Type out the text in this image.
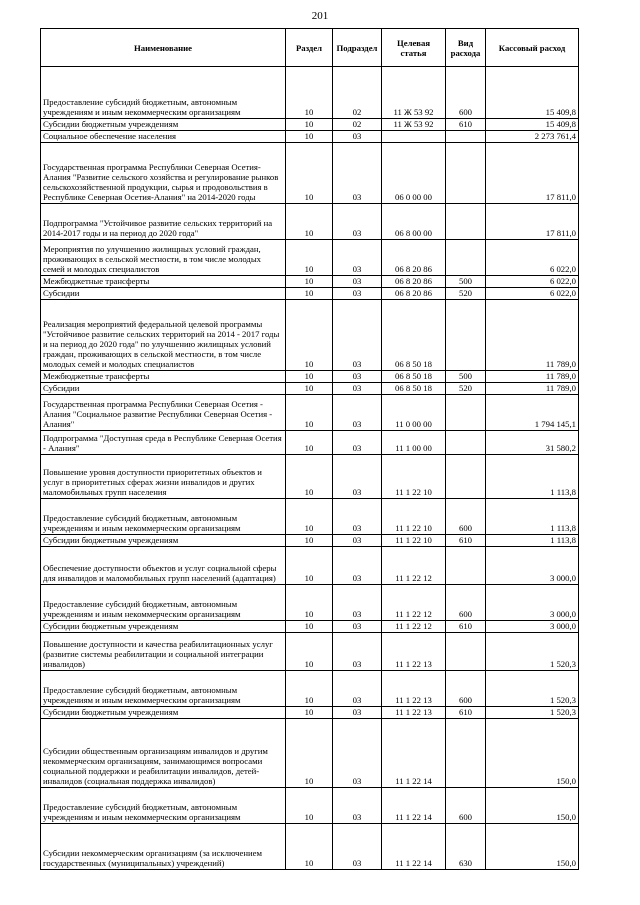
201
Наименование	Раздел	Подраздел	Целевая статья	Вид расхода	Кассовый расход
Предоставление субсидий бюджетным, автономным учреждениям и иным некоммерческим организациям	10	02	11 Ж 53 92	600	15 409,8
Субсидии бюджетным учреждениям	10	02	11 Ж 53 92	610	15 409,8
Социальное обеспечение населения	10	03			2 273 761,4
Государственная программа Республики Северная Осетия-Алания "Развитие сельского хозяйства и регулирование рынков сельскохозяйственной продукции, сырья и продовольствия в Республике Северная Осетия-Алания" на 2014-2020 годы	10	03	06 0 00 00		17 811,0
Подпрограмма "Устойчивое развитие сельских территорий на 2014-2017 годы и на период до 2020 года"	10	03	06 8 00 00		17 811,0
Мероприятия по улучшению жилищных условий граждан, проживающих в сельской местности, в том числе молодых семей и молодых специалистов	10	03	06 8 20 86		6 022,0
Межбюджетные трансферты	10	03	06 8 20 86	500	6 022,0
Субсидии	10	03	06 8 20 86	520	6 022,0
Реализация мероприятий федеральной целевой программы "Устойчивое развитие сельских территорий на 2014 - 2017 годы и на период до 2020 года" по улучшению жилищных условий граждан, проживающих в сельской местности, в том числе молодых семей и молодых специалистов	10	03	06 8 50 18		11 789,0
Межбюджетные трансферты	10	03	06 8 50 18	500	11 789,0
Субсидии	10	03	06 8 50 18	520	11 789,0
Государственная программа Республики Северная Осетия - Алания "Социальное развитие Республики Северная Осетия - Алания"	10	03	11 0 00 00		1 794 145,1
Подпрограмма "Доступная среда в Республике Северная Осетия - Алания"	10	03	11 1 00 00		31 580,2
Повышение уровня доступности приоритетных объектов и услуг в приоритетных сферах жизни инвалидов и других маломобильных групп населения	10	03	11 1 22 10		1 113,8
Предоставление субсидий бюджетным, автономным учреждениям и иным некоммерческим организациям	10	03	11 1 22 10	600	1 113,8
Субсидии бюджетным учреждениям	10	03	11 1 22 10	610	1 113,8
Обеспечение доступности объектов и услуг социальной сферы для инвалидов и маломобильных групп населений (адаптация)	10	03	11 1 22 12		3 000,0
Предоставление субсидий бюджетным, автономным учреждениям и иным некоммерческим организациям	10	03	11 1 22 12	600	3 000,0
Субсидии бюджетным учреждениям	10	03	11 1 22 12	610	3 000,0
Повышение доступности и качества реабилитационных услуг (развитие системы реабилитации и социальной интеграции инвалидов)	10	03	11 1 22 13		1 520,3
Предоставление субсидий бюджетным, автономным учреждениям и иным некоммерческим организациям	10	03	11 1 22 13	600	1 520,3
Субсидии бюджетным учреждениям	10	03	11 1 22 13	610	1 520,3
Субсидии общественным организациям инвалидов и другим некоммерческим организациям, занимающимся вопросами социальной поддержки и реабилитации инвалидов, детей-инвалидов (социальная поддержка инвалидов)	10	03	11 1 22 14		150,0
Предоставление субсидий бюджетным, автономным учреждениям и иным некоммерческим организациям	10	03	11 1 22 14	600	150,0
Субсидии некоммерческим организациям (за исключением государственных (муниципальных) учреждений)	10	03	11 1 22 14	630	150,0
